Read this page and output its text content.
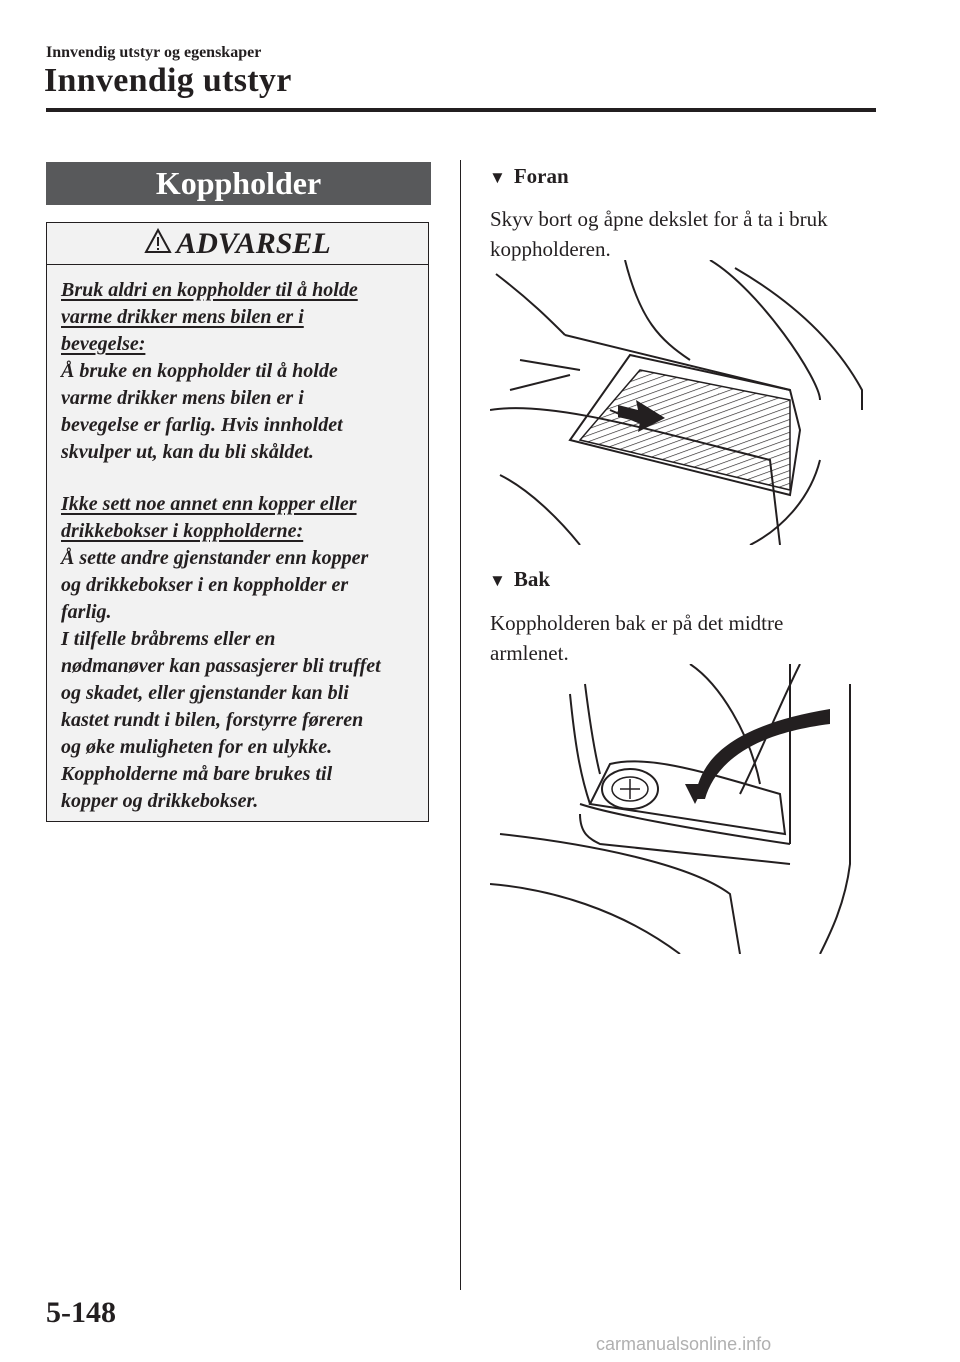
Innvendig utstyr og egenskaper
Innvendig utstyr
Koppholder
ADVARSEL
Bruk aldri en koppholder til å holde
varme drikker mens bilen er i
bevegelse:
Å bruke en koppholder til å holde
varme drikker mens bilen er i
bevegelse er farlig. Hvis innholdet
skvulper ut, kan du bli skåldet.
Ikke sett noe annet enn kopper eller
drikkebokser i koppholderne:
Å sette andre gjenstander enn kopper
og drikkebokser i en koppholder er
farlig.
I tilfelle bråbrems eller en
nødmanøver kan passasjerer bli truffet
og skadet, eller gjenstander kan bli
kastet rundt i bilen, forstyrre føreren
og øke muligheten for en ulykke.
Koppholderne må bare brukes til
kopper og drikkebokser.
▼ Foran
Skyv bort og åpne dekslet for å ta i bruk
koppholderen.
▼ Bak
Koppholderen bak er på det midtre
armlenet.
5-148
carmanualsonline.info
